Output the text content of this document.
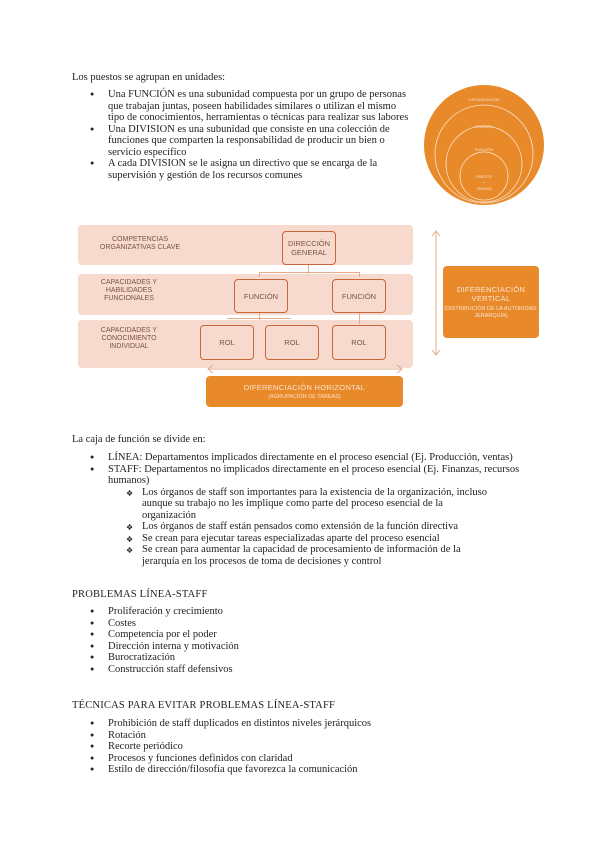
Los puestos se agrupan en unidades:
● Una FUNCIÓN es una subunidad compuesta por un grupo de personas que trabajan juntas, poseen habilidades similares o utilizan el mismo tipo de conocimientos, herramientas o técnicas para realizar sus labores
● Una DIVISION es una subunidad que consiste en una colección de funciones que comparten la responsabilidad de producir un bien o servicio específico
● A cada DIVISION se le asigna un directivo que se encarga de la supervisión y gestión de los recursos comunes
ORGANIZACIÓN
DIVISIÓN
FUNCIÓN
PUESTO
+
TAREAS
COMPETENCIAS ORGANIZATIVAS CLAVE
CAPACIDADES Y HABILIDADES FUNCIONALES
CAPACIDADES Y CONOCIMIENTO INDIVIDUAL
DIRECCIÓN GENERAL
FUNCIÓN	FUNCIÓN
ROL	ROL	ROL
DIFERENCIACIÓN VERTICAL
(DISTRIBUCIÓN DE LA AUTORIDAD: JERARQUÍA)
DIFERENCIACIÓN HORIZONTAL
(AGRUPACIÓN DE TAREAS)
La caja de función se divide en:
● LÍNEA: Departamentos implicados directamente en el proceso esencial (Ej. Producción, ventas)
● STAFF: Departamentos no implicados directamente en el proceso esencial (Ej. Finanzas, recursos humanos)
❖ Los órganos de staff son importantes para la existencia de la organización, incluso aunque su trabajo no les implique como parte del proceso esencial de la organización
❖ Los órganos de staff están pensados como extensión de la función directiva
❖ Se crean para ejecutar tareas especializadas aparte del proceso esencial
❖ Se crean para aumentar la capacidad de procesamiento de información de la jerarquía en los procesos de toma de decisiones y control
PROBLEMAS LÍNEA-STAFF
● Proliferación y crecimiento
● Costes
● Competencia por el poder
● Dirección interna y motivación
● Burocratización
● Construcción staff defensivos
TÉCNICAS PARA EVITAR PROBLEMAS LÍNEA-STAFF
● Prohibición de staff duplicados en distintos niveles jerárquicos
● Rotación
● Recorte periódico
● Procesos y funciones definidos con claridad
● Estilo de dirección/filosofía que favorezca la comunicación
